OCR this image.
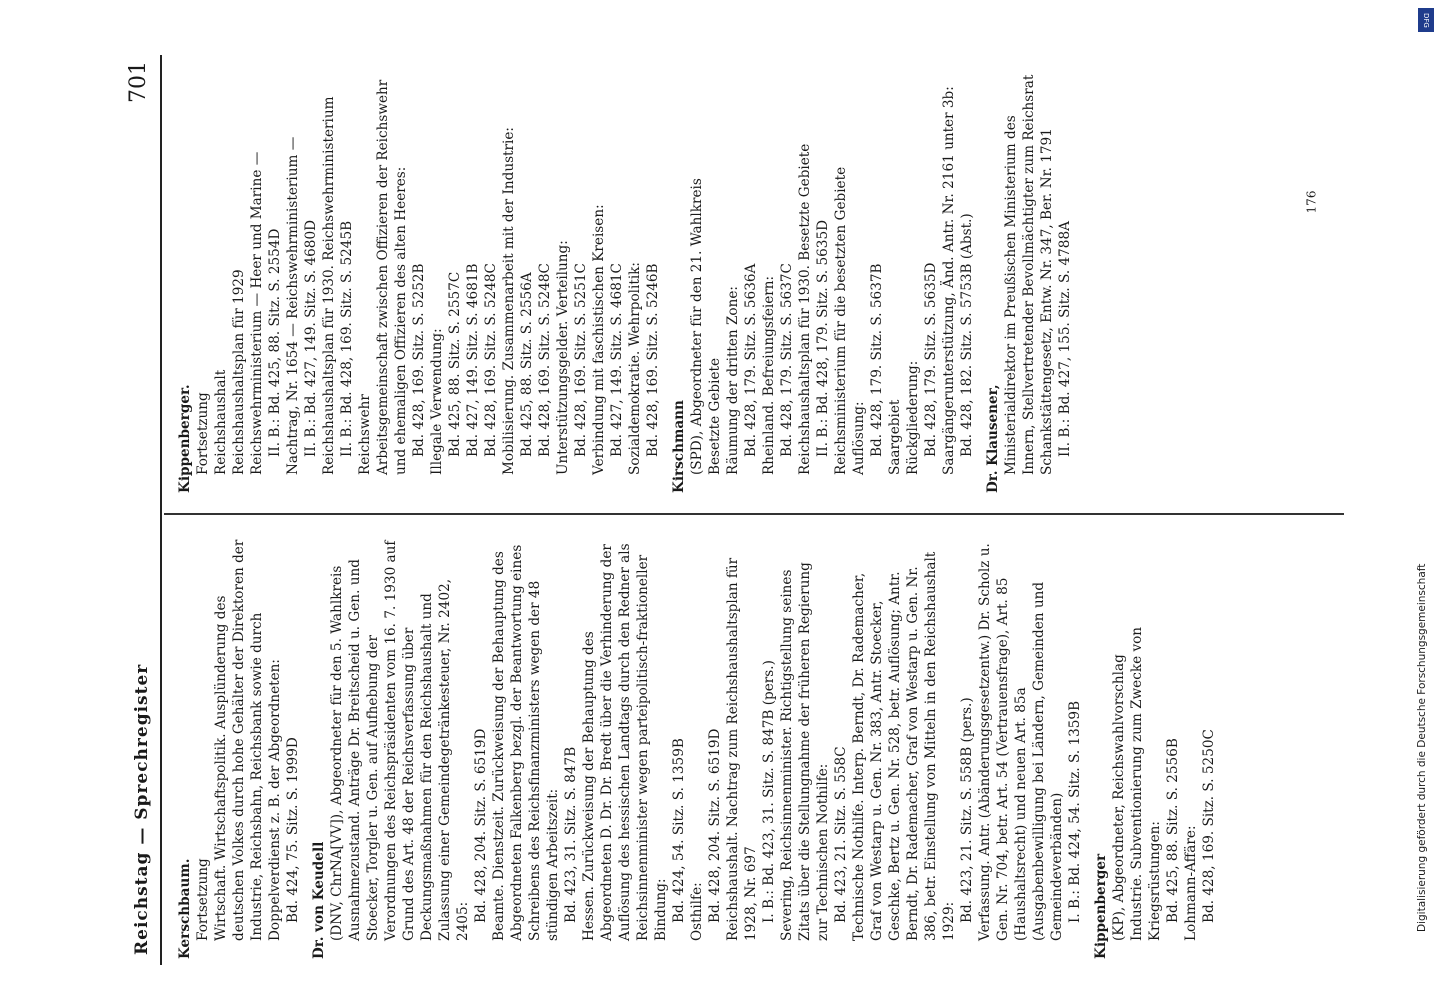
DFG
Digitalisierung gefördert durch die Deutsche Forschungsgemeinschaft
Reichstag — Sprechregister
701

Kerschbaum. Fortsetzung Wirtschaft. Wirtschaftspolitik. Ausplünderung des deutschen Volkes durch hohe Gehälter der Direktoren der Industrie, Reichsbahn, Reichsbank sowie durch Doppelverdienst z. B. der Abgeordneten: Bd. 424, 75. Sitz. S. 1999D Dr. von Keudell (DNV, ChrNA[VV]), Abgeordneter für den 5. Wahlkreis Ausnahmezustand. Anträge Dr. Breitscheid u. Gen. und Stoecker, Torgler u. Gen. auf Aufhebung der Verordnungen des Reichspräsidenten vom 16. 7. 1930 auf Grund des Art. 48 der Reichsverfassung über Deckungsmaßnahmen für den Reichshaushalt und Zulassung einer Gemeindegetränkesteuer, Nr. 2402, 2405: Bd. 428, 204. Sitz. S. 6519D Beamte. Dienstzeit. Zurückweisung der Behauptung des Abgeordneten Falkenberg bezgl. der Beantwortung eines Schreibens des Reichsfinanzministers wegen der 48 stündigen Arbeitszeit: Bd. 423, 31. Sitz. S. 847B Hessen. Zurückweisung der Behauptung des Abgeordneten D. Dr. Dr. Bredt über die Verhinderung der Auflösung des hessischen Landtags durch den Redner als Reichsinnenminister wegen parteipolitisch-fraktioneller Bindung: Bd. 424, 54. Sitz. S. 1359B Osthilfe: Bd. 428, 204. Sitz. S. 6519D Reichshaushalt. Nachtrag zum Reichshaushaltsplan für 1928, Nr. 697 I. B.: Bd. 423, 31. Sitz. S. 847B (pers.) Severing, Reichsinnenminister. Richtigstellung seines Zitats über die Stellungnahme der früheren Regierung zur Technischen Nothilfe: Bd. 423, 21. Sitz. S. 558C Technische Nothilfe. Interp. Berndt, Dr. Rademacher, Graf von Westarp u. Gen. Nr. 383, Antr. Stoecker, Geschke, Bertz u. Gen. Nr. 528, betr. Auflösung; Antr. Berndt, Dr. Rademacher, Graf von Westarp u. Gen. Nr. 386, betr. Einstellung von Mitteln in den Reichshaushalt 1929: Bd. 423, 21. Sitz. S. 558B (pers.) Verfassung. Antr. (Abänderungsgesetzentw.) Dr. Scholz u. Gen. Nr. 704, betr. Art. 54 (Vertrauensfrage), Art. 85 (Haushaltsrecht) und neuen Art. 85a (Ausgabenbewilligung bei Ländern, Gemeinden und Gemeindeverbänden) I. B.: Bd. 424, 54. Sitz. S. 1359B Kippenberger (KP), Abgeordneter, Reichswahlvorschlag Industrie. Subventionierung zum Zwecke von Kriegsrüstungen: Bd. 425, 88. Sitz. S. 2556B Lohmann-Affäre: Bd. 428, 169. Sitz. S. 5250C

Kippenberger. Fortsetzung Reichshaushalt Reichshaushaltsplan für 1929 Reichswehrministerium — Heer und Marine — II. B.: Bd. 425, 88. Sitz. S. 2554D Nachtrag, Nr. 1654 — Reichswehrministerium — II. B.: Bd. 427, 149. Sitz. S. 4680D Reichshaushaltsplan für 1930. Reichswehrministerium II. B.: Bd. 428, 169. Sitz. S. 5245B Reichswehr Arbeitsgemeinschaft zwischen Offizieren der Reichswehr und ehemaligen Offizieren des alten Heeres: Bd. 428, 169. Sitz. S. 5252B Illegale Verwendung: Bd. 425, 88. Sitz. S. 2557C Bd. 427, 149. Sitz. S. 4681B Bd. 428, 169. Sitz. S. 5248C Mobilisierung. Zusammenarbeit mit der Industrie: Bd. 425, 88. Sitz. S. 2556A Bd. 428, 169. Sitz. S. 5248C Unterstützungsgelder. Verteilung: Bd. 428, 169. Sitz. S. 5251C Verbindung mit faschistischen Kreisen: Bd. 427, 149. Sitz. S. 4681C Sozialdemokratie. Wehrpolitik: Bd. 428, 169. Sitz. S. 5246B Kirschmann (SPD), Abgeordneter für den 21. Wahlkreis Besetzte Gebiete Räumung der dritten Zone: Bd. 428, 179. Sitz. S. 5636A Rheinland. Befreiungsfeiern: Bd. 428, 179. Sitz. S. 5637C Reichshaushaltsplan für 1930. Besetzte Gebiete II. B.: Bd. 428, 179. Sitz. S. 5635D Reichsministerium für die besetzten Gebiete Auflösung: Bd. 428, 179. Sitz. S. 5637B Saargebiet Rückgliederung: Bd. 428, 179. Sitz. S. 5635D Saargängerunterstützung, Änd. Antr. Nr. 2161 unter 3b: Bd. 428, 182. Sitz. S. 5753B (Abst.) Dr. Klausener, Ministerialdirektor im Preußischen Ministerium des Innern, Stellvertretender Bevollmächtigter zum Reichsrat Schankstättengesetz, Entw. Nr. 347, Ber. Nr. 1791 II. B.: Bd. 427, 155. Sitz. S. 4788A

176
